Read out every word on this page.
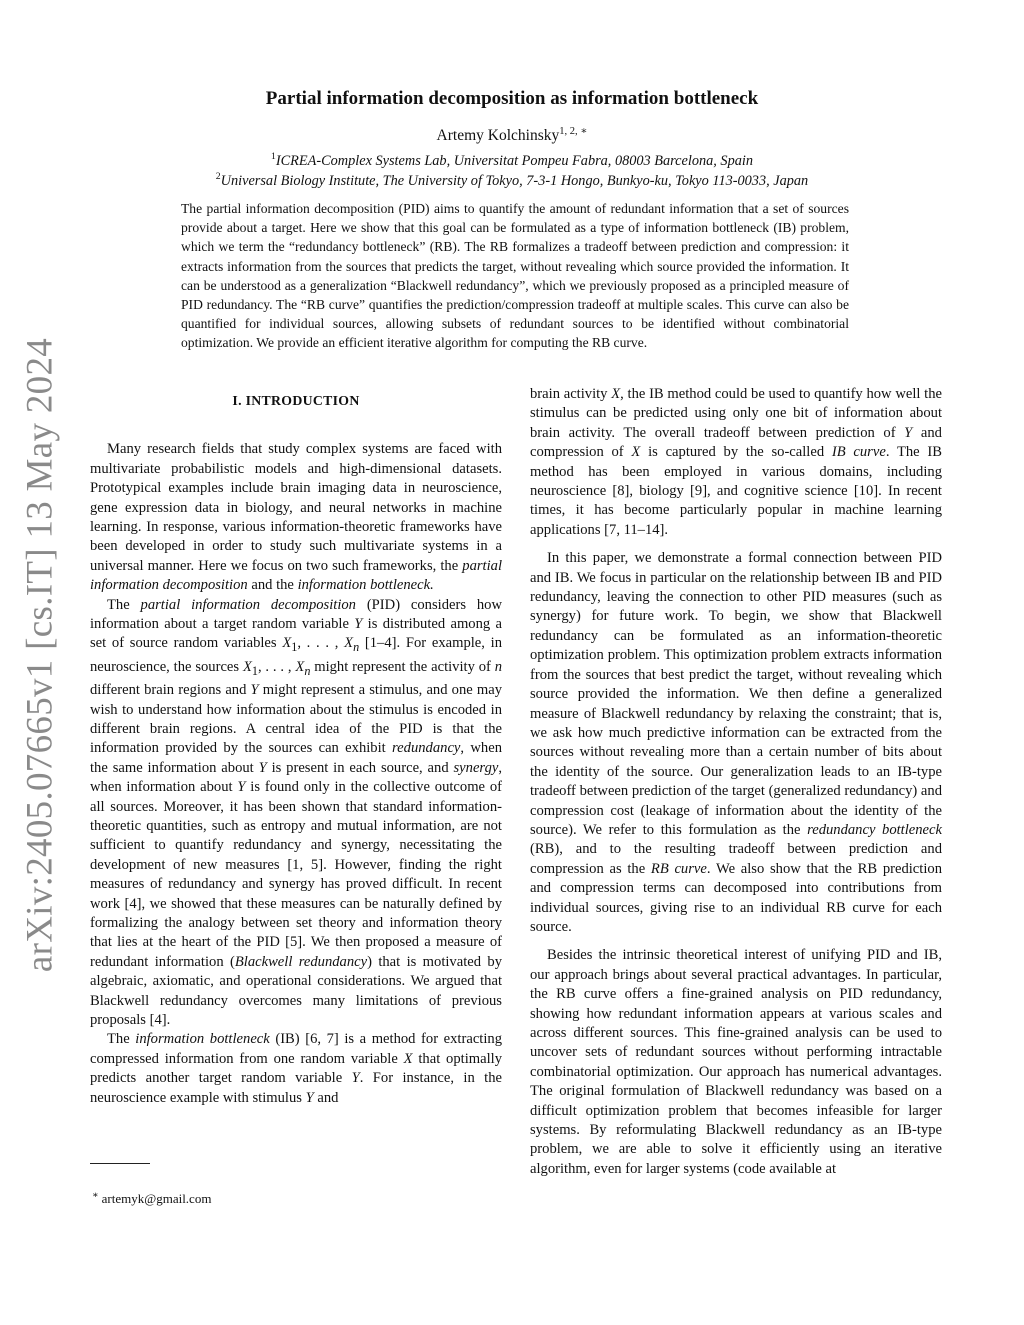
arXiv:2405.07665v1 [cs.IT] 13 May 2024
Partial information decomposition as information bottleneck
Artemy Kolchinsky$^{1, 2, ∗}$
$^1$ICREA-Complex Systems Lab, Universitat Pompeu Fabra, 08003 Barcelona, Spain
$^2$Universal Biology Institute, The University of Tokyo, 7-3-1 Hongo, Bunkyo-ku, Tokyo 113-0033, Japan

The partial information decomposition (PID) aims to quantify the amount of redundant information that a set of sources provide about a target. Here we show that this goal can be formulated as a type of information bottleneck (IB) problem, which we term the “redundancy bottleneck” (RB). The RB formalizes a tradeoff between prediction and compression: it extracts information from the sources that predicts the target, without revealing which source provided the information. It can be understood as a generalization “Blackwell redundancy”, which we previously proposed as a principled measure of PID redundancy. The “RB curve” quantifies the prediction/compression tradeoff at multiple scales. This curve can also be quantified for individual sources, allowing subsets of redundant sources to be identified without combinatorial optimization. We provide an efficient iterative algorithm for computing the RB curve.

I. INTRODUCTION

Many research fields that study complex systems are faced with multivariate probabilistic models and high-dimensional datasets. Prototypical examples include brain imaging data in neuroscience, gene expression data in biology, and neural networks in machine learning. In response, various information-theoretic frameworks have been developed in order to study such multivariate systems in a universal manner. Here we focus on two such frameworks, the partial information decomposition and the information bottleneck.

The partial information decomposition (PID) considers how information about a target random variable Y is distributed among a set of source random variables $X_1$, . . . , $X_n$ [1–4]. For example, in neuroscience, the sources $X_1$, . . . , $X_n$ might represent the activity of n different brain regions and Y might represent a stimulus, and one may wish to understand how information about the stimulus is encoded in different brain regions. A central idea of the PID is that the information provided by the sources can exhibit redundancy, when the same information about Y is present in each source, and synergy, when information about Y is found only in the collective outcome of all sources. Moreover, it has been shown that standard information-theoretic quantities, such as entropy and mutual information, are not sufficient to quantify redundancy and synergy, necessitating the development of new measures [1, 5]. However, finding the right measures of redundancy and synergy has proved difficult. In recent work [4], we showed that these measures can be naturally defined by formalizing the analogy between set theory and information theory that lies at the heart of the PID [5]. We then proposed a measure of redundant information (Blackwell redundancy) that is motivated by algebraic, axiomatic, and operational considerations. We argued that Blackwell redundancy overcomes many limitations of previous proposals [4].

The information bottleneck (IB) [6, 7] is a method for extracting compressed information from one random variable X that optimally predicts another target random variable Y. For instance, in the neuroscience example with stimulus Y and

brain activity X, the IB method could be used to quantify how well the stimulus can be predicted using only one bit of information about brain activity. The overall tradeoff between prediction of Y and compression of X is captured by the so-called IB curve. The IB method has been employed in various domains, including neuroscience [8], biology [9], and cognitive science [10]. In recent times, it has become particularly popular in machine learning applications [7, 11–14].

In this paper, we demonstrate a formal connection between PID and IB. We focus in particular on the relationship between IB and PID redundancy, leaving the connection to other PID measures (such as synergy) for future work. To begin, we show that Blackwell redundancy can be formulated as an information-theoretic optimization problem. This optimization problem extracts information from the sources that best predict the target, without revealing which source provided the information. We then define a generalized measure of Blackwell redundancy by relaxing the constraint; that is, we ask how much predictive information can be extracted from the sources without revealing more than a certain number of bits about the identity of the source. Our generalization leads to an IB-type tradeoff between prediction of the target (generalized redundancy) and compression cost (leakage of information about the identity of the source). We refer to this formulation as the redundancy bottleneck (RB), and to the resulting tradeoff between prediction and compression as the RB curve. We also show that the RB prediction and compression terms can decomposed into contributions from individual sources, giving rise to an individual RB curve for each source.

Besides the intrinsic theoretical interest of unifying PID and IB, our approach brings about several practical advantages. In particular, the RB curve offers a fine-grained analysis on PID redundancy, showing how redundant information appears at various scales and across different sources. This fine-grained analysis can be used to uncover sets of redundant sources without performing intractable combinatorial optimization. Our approach has numerical advantages. The original formulation of Blackwell redundancy was based on a difficult optimization problem that becomes infeasible for larger systems. By reformulating Blackwell redundancy as an IB-type problem, we are able to solve it efficiently using an iterative algorithm, even for larger systems (code available at

∗ artemyk@gmail.com
